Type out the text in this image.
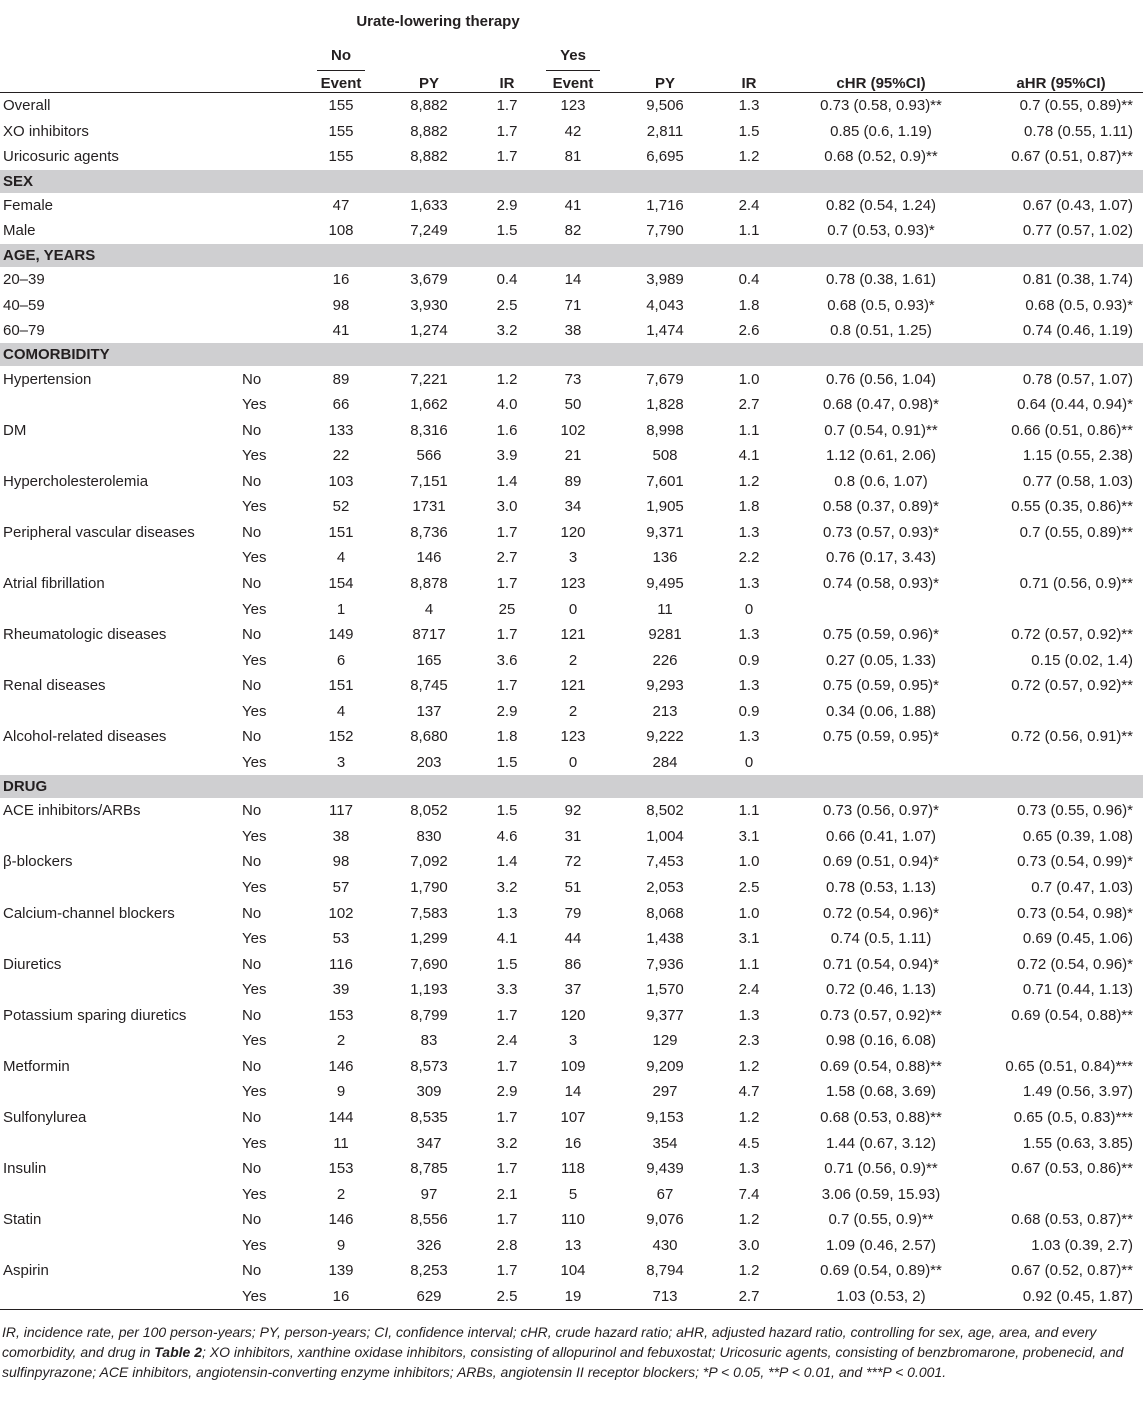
		Urate-lowering therapy							

		No			Yes				
		Event	PY	IR	Event	PY	IR	cHR (95%CI)	aHR (95%CI)
Overall		155	8,882	1.7	123	9,506	1.3	0.73 (0.58, 0.93)**	0.7 (0.55, 0.89)**
XO inhibitors		155	8,882	1.7	42	2,811	1.5	0.85 (0.6, 1.19)	0.78 (0.55, 1.11)
Uricosuric agents		155	8,882	1.7	81	6,695	1.2	0.68 (0.52, 0.9)**	0.67 (0.51, 0.87)**
SEX									
Female		47	1,633	2.9	41	1,716	2.4	0.82 (0.54, 1.24)	0.67 (0.43, 1.07)
Male		108	7,249	1.5	82	7,790	1.1	0.7 (0.53, 0.93)*	0.77 (0.57, 1.02)
AGE, YEARS									
20–39		16	3,679	0.4	14	3,989	0.4	0.78 (0.38, 1.61)	0.81 (0.38, 1.74)
40–59		98	3,930	2.5	71	4,043	1.8	0.68 (0.5, 0.93)*	0.68 (0.5, 0.93)*
60–79		41	1,274	3.2	38	1,474	2.6	0.8 (0.51, 1.25)	0.74 (0.46, 1.19)
COMORBIDITY									
Hypertension	No	89	7,221	1.2	73	7,679	1.0	0.76 (0.56, 1.04)	0.78 (0.57, 1.07)
	Yes	66	1,662	4.0	50	1,828	2.7	0.68 (0.47, 0.98)*	0.64 (0.44, 0.94)*
DM	No	133	8,316	1.6	102	8,998	1.1	0.7 (0.54, 0.91)**	0.66 (0.51, 0.86)**
	Yes	22	566	3.9	21	508	4.1	1.12 (0.61, 2.06)	1.15 (0.55, 2.38)
Hypercholesterolemia	No	103	7,151	1.4	89	7,601	1.2	0.8 (0.6, 1.07)	0.77 (0.58, 1.03)
	Yes	52	1731	3.0	34	1,905	1.8	0.58 (0.37, 0.89)*	0.55 (0.35, 0.86)**
Peripheral vascular diseases	No	151	8,736	1.7	120	9,371	1.3	0.73 (0.57, 0.93)*	0.7 (0.55, 0.89)**
	Yes	4	146	2.7	3	136	2.2	0.76 (0.17, 3.43)	
Atrial fibrillation	No	154	8,878	1.7	123	9,495	1.3	0.74 (0.58, 0.93)*	0.71 (0.56, 0.9)**
	Yes	1	4	25	0	11	0		
Rheumatologic diseases	No	149	8717	1.7	121	9281	1.3	0.75 (0.59, 0.96)*	0.72 (0.57, 0.92)**
	Yes	6	165	3.6	2	226	0.9	0.27 (0.05, 1.33)	0.15 (0.02, 1.4)
Renal diseases	No	151	8,745	1.7	121	9,293	1.3	0.75 (0.59, 0.95)*	0.72 (0.57, 0.92)**
	Yes	4	137	2.9	2	213	0.9	0.34 (0.06, 1.88)	
Alcohol-related diseases	No	152	8,680	1.8	123	9,222	1.3	0.75 (0.59, 0.95)*	0.72 (0.56, 0.91)**
	Yes	3	203	1.5	0	284	0		
DRUG									
ACE inhibitors/ARBs	No	117	8,052	1.5	92	8,502	1.1	0.73 (0.56, 0.97)*	0.73 (0.55, 0.96)*
	Yes	38	830	4.6	31	1,004	3.1	0.66 (0.41, 1.07)	0.65 (0.39, 1.08)
β-blockers	No	98	7,092	1.4	72	7,453	1.0	0.69 (0.51, 0.94)*	0.73 (0.54, 0.99)*
	Yes	57	1,790	3.2	51	2,053	2.5	0.78 (0.53, 1.13)	0.7 (0.47, 1.03)
Calcium-channel blockers	No	102	7,583	1.3	79	8,068	1.0	0.72 (0.54, 0.96)*	0.73 (0.54, 0.98)*
	Yes	53	1,299	4.1	44	1,438	3.1	0.74 (0.5, 1.11)	0.69 (0.45, 1.06)
Diuretics	No	116	7,690	1.5	86	7,936	1.1	0.71 (0.54, 0.94)*	0.72 (0.54, 0.96)*
	Yes	39	1,193	3.3	37	1,570	2.4	0.72 (0.46, 1.13)	0.71 (0.44, 1.13)
Potassium sparing diuretics	No	153	8,799	1.7	120	9,377	1.3	0.73 (0.57, 0.92)**	0.69 (0.54, 0.88)**
	Yes	2	83	2.4	3	129	2.3	0.98 (0.16, 6.08)	
Metformin	No	146	8,573	1.7	109	9,209	1.2	0.69 (0.54, 0.88)**	0.65 (0.51, 0.84)***
	Yes	9	309	2.9	14	297	4.7	1.58 (0.68, 3.69)	1.49 (0.56, 3.97)
Sulfonylurea	No	144	8,535	1.7	107	9,153	1.2	0.68 (0.53, 0.88)**	0.65 (0.5, 0.83)***
	Yes	11	347	3.2	16	354	4.5	1.44 (0.67, 3.12)	1.55 (0.63, 3.85)
Insulin	No	153	8,785	1.7	118	9,439	1.3	0.71 (0.56, 0.9)**	0.67 (0.53, 0.86)**
	Yes	2	97	2.1	5	67	7.4	3.06 (0.59, 15.93)	
Statin	No	146	8,556	1.7	110	9,076	1.2	0.7 (0.55, 0.9)**	0.68 (0.53, 0.87)**
	Yes	9	326	2.8	13	430	3.0	1.09 (0.46, 2.57)	1.03 (0.39, 2.7)
Aspirin	No	139	8,253	1.7	104	8,794	1.2	0.69 (0.54, 0.89)**	0.67 (0.52, 0.87)**
	Yes	16	629	2.5	19	713	2.7	1.03 (0.53, 2)	0.92 (0.45, 1.87)
IR, incidence rate, per 100 person-years; PY, person-years; CI, confidence interval; cHR, crude hazard ratio; aHR, adjusted hazard ratio, controlling for sex, age, area, and every comorbidity, and drug in Table 2; XO inhibitors, xanthine oxidase inhibitors, consisting of allopurinol and febuxostat; Uricosuric agents, consisting of benzbromarone, probenecid, and sulfinpyrazone; ACE inhibitors, angiotensin-converting enzyme inhibitors; ARBs, angiotensin II receptor blockers; *P < 0.05, **P < 0.01, and ***P < 0.001.
